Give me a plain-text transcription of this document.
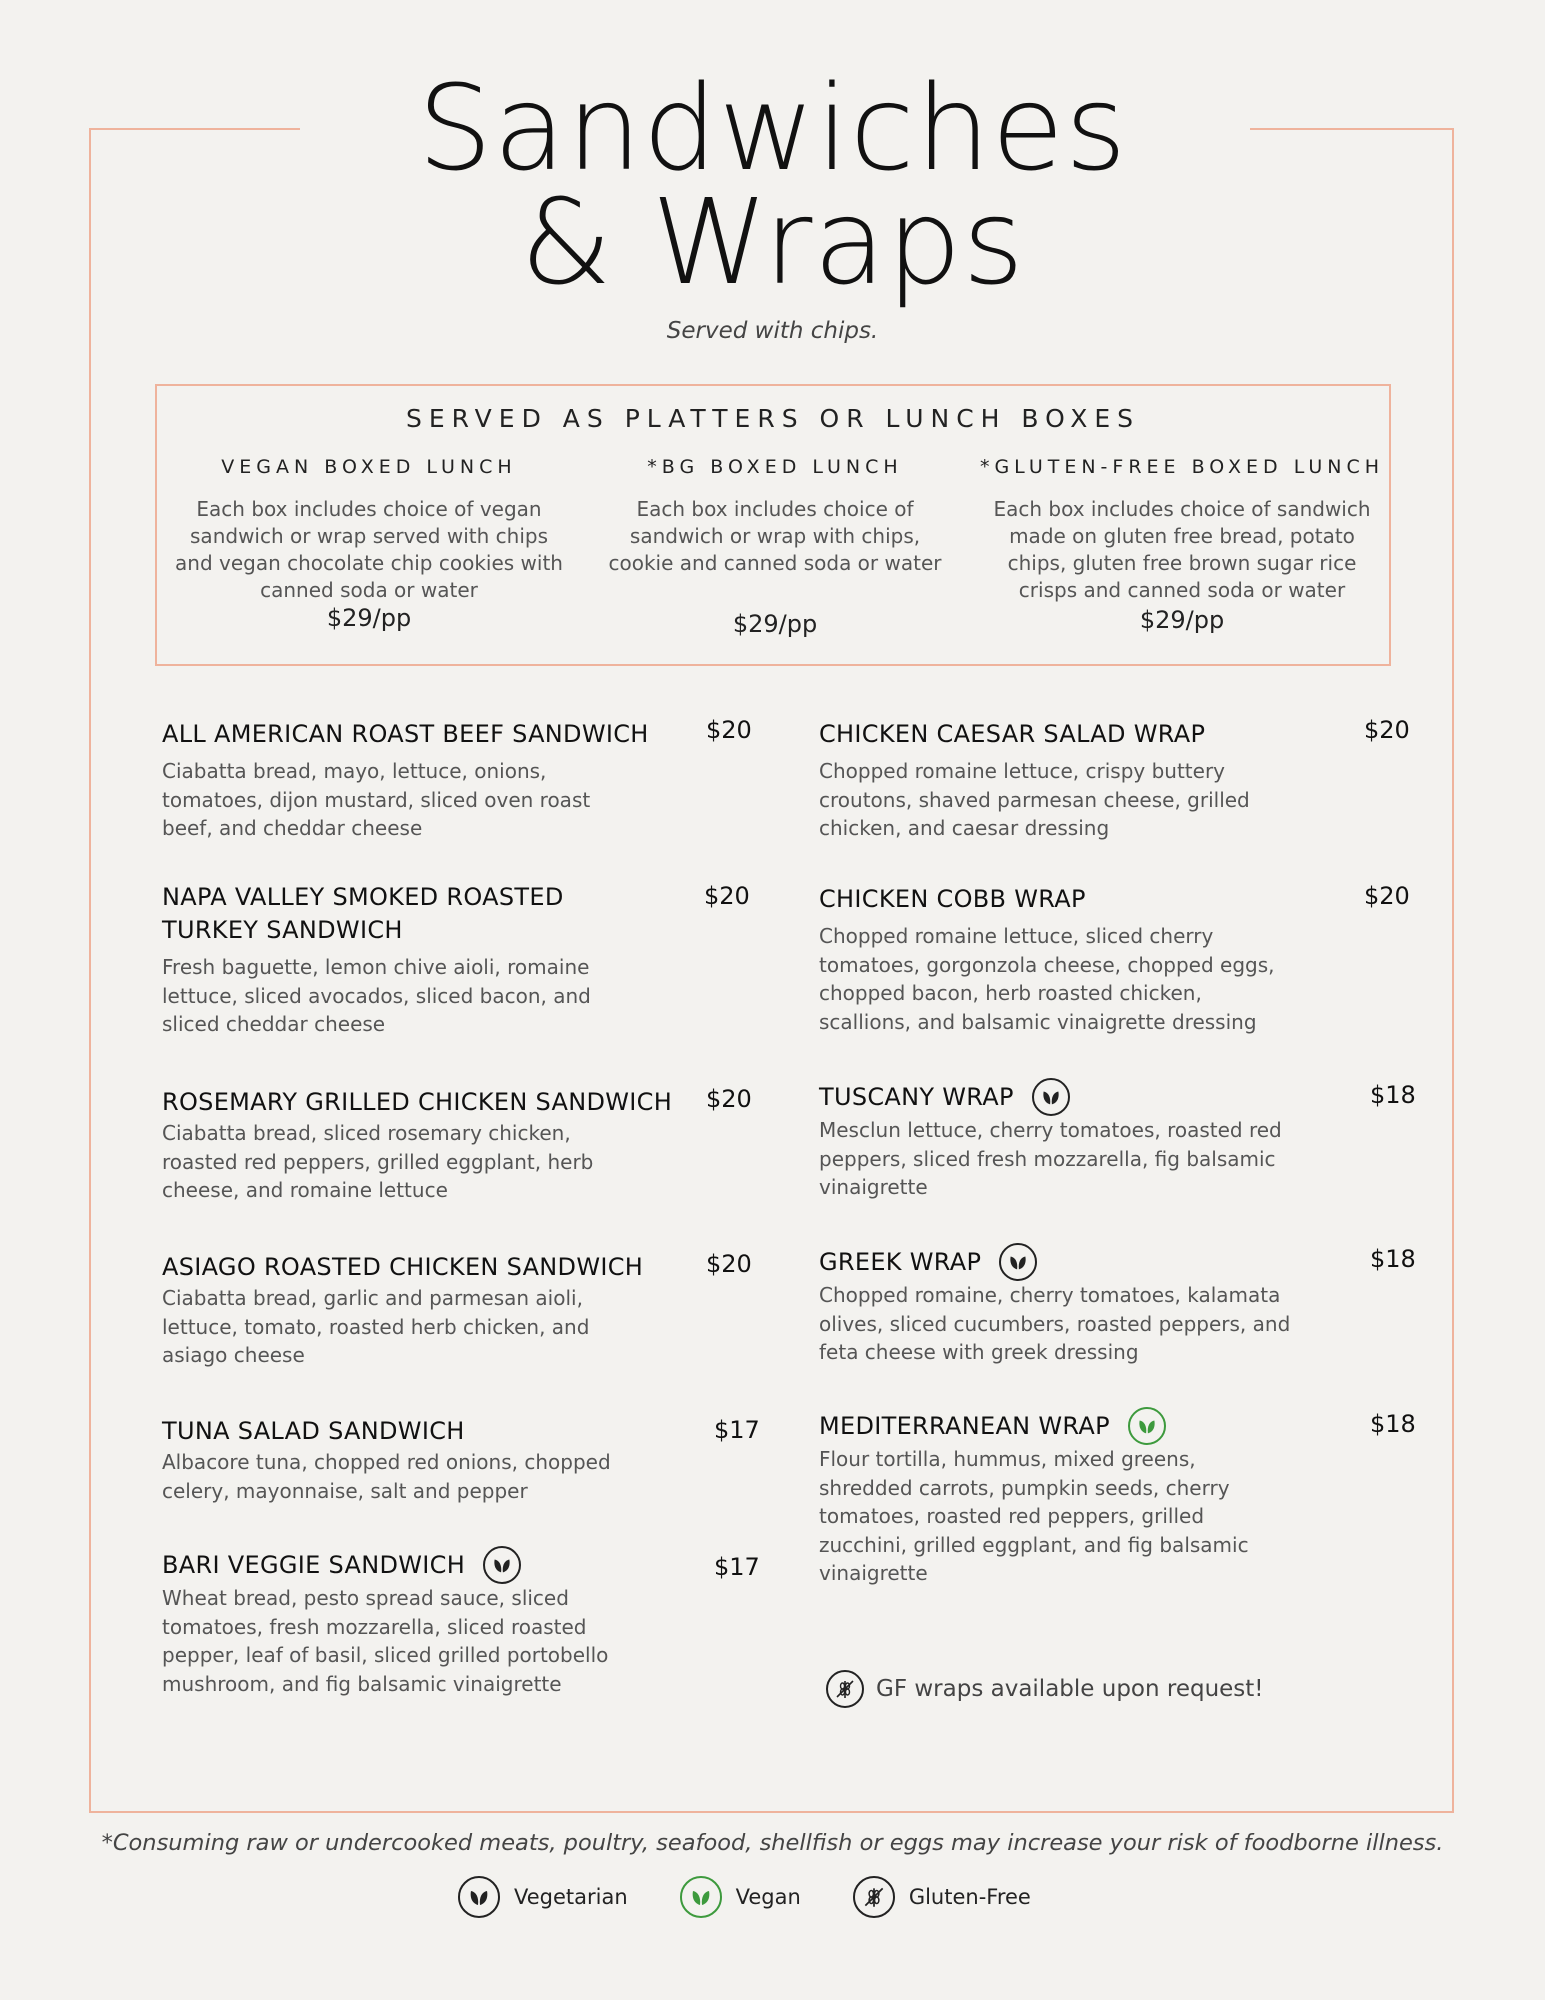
Sandwiches
& Wraps
Served with chips.
SERVED AS PLATTERS OR LUNCH BOXES
VEGAN BOXED LUNCH
Each box includes choice of vegan sandwich or wrap served with chips and vegan chocolate chip cookies with canned soda or water
$29/pp
*BG BOXED LUNCH
Each box includes choice of sandwich or wrap with chips, cookie and canned soda or water
$29/pp
*GLUTEN-FREE BOXED LUNCH
Each box includes choice of sandwich made on gluten free bread, potato chips, gluten free brown sugar rice crisps and canned soda or water
$29/pp
ALL AMERICAN ROAST BEEF SANDWICH
Ciabatta bread, mayo, lettuce, onions, tomatoes, dijon mustard, sliced oven roast beef, and cheddar cheese
$20
NAPA VALLEY SMOKED ROASTED TURKEY SANDWICH
Fresh baguette, lemon chive aioli, romaine lettuce, sliced avocados, sliced bacon, and sliced cheddar cheese
$20
ROSEMARY GRILLED CHICKEN SANDWICH
Ciabatta bread, sliced rosemary chicken, roasted red peppers, grilled eggplant, herb cheese, and romaine lettuce
$20
ASIAGO ROASTED CHICKEN SANDWICH
Ciabatta bread, garlic and parmesan aioli, lettuce, tomato, roasted herb chicken, and asiago cheese
$20
TUNA SALAD SANDWICH
Albacore tuna, chopped red onions, chopped celery, mayonnaise, salt and pepper
$17
BARI VEGGIE SANDWICH
Wheat bread, pesto spread sauce, sliced tomatoes, fresh mozzarella, sliced roasted pepper, leaf of basil, sliced grilled portobello mushroom, and fig balsamic vinaigrette
$17
CHICKEN CAESAR SALAD WRAP
Chopped romaine lettuce, crispy buttery croutons, shaved parmesan cheese, grilled chicken, and caesar dressing
$20
CHICKEN COBB WRAP
Chopped romaine lettuce, sliced cherry tomatoes, gorgonzola cheese, chopped eggs, chopped bacon, herb roasted chicken, scallions, and balsamic vinaigrette dressing
$20
TUSCANY WRAP
Mesclun lettuce, cherry tomatoes, roasted red peppers, sliced fresh mozzarella, fig balsamic vinaigrette
$18
GREEK WRAP
Chopped romaine, cherry tomatoes, kalamata olives, sliced cucumbers, roasted peppers, and feta cheese with greek dressing
$18
MEDITERRANEAN WRAP
Flour tortilla, hummus, mixed greens, shredded carrots, pumpkin seeds, cherry tomatoes, roasted red peppers, grilled zucchini, grilled eggplant, and fig balsamic vinaigrette
$18
GF wraps available upon request!
*Consuming raw or undercooked meats, poultry, seafood, shellfish or eggs may increase your risk of foodborne illness.
Vegetarian	Vegan	Gluten-Free
